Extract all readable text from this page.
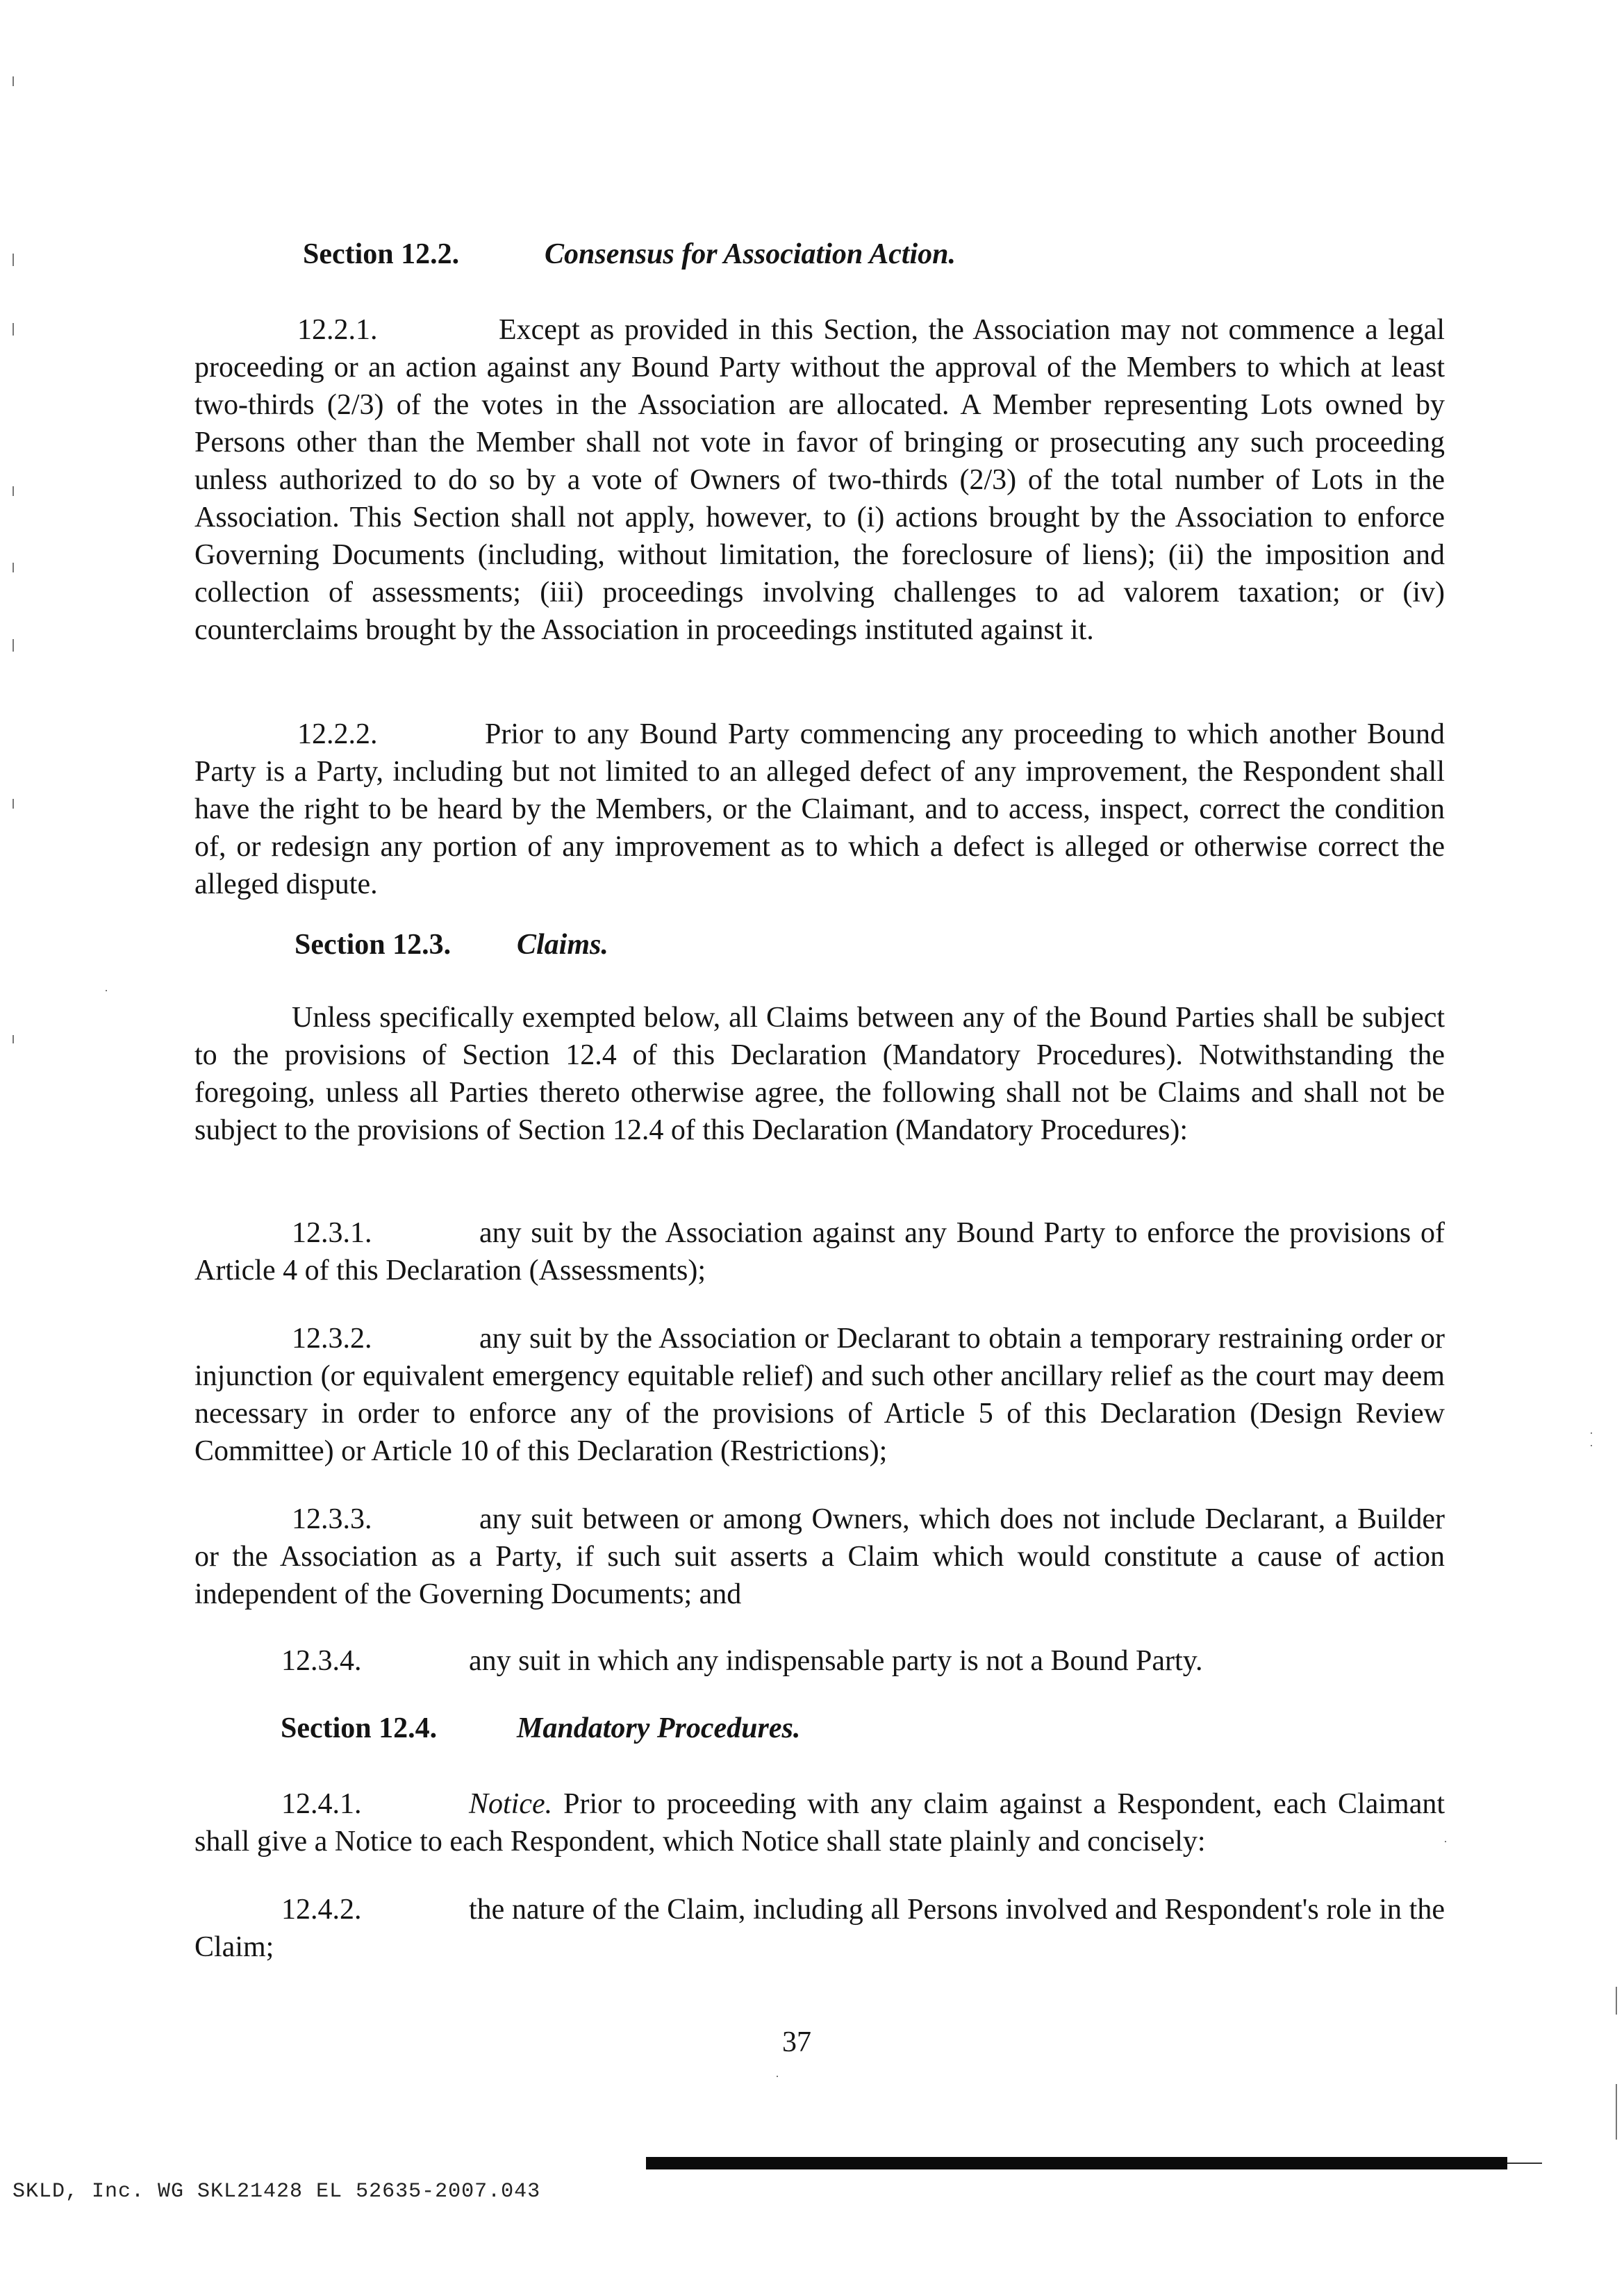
Section 12.2.	Consensus for Association Action.
12.2.1.	Except as provided in this Section, the Association may not commence a legal proceeding or an action against any Bound Party without the approval of the Members to which at least two-thirds (2/3) of the votes in the Association are allocated. A Member representing Lots owned by Persons other than the Member shall not vote in favor of bringing or prosecuting any such proceeding unless authorized to do so by a vote of Owners of two-thirds (2/3) of the total number of Lots in the Association. This Section shall not apply, however, to (i) actions brought by the Association to enforce Governing Documents (including, without limitation, the foreclosure of liens); (ii) the imposition and collection of assessments; (iii) proceedings involving challenges to ad valorem taxation; or (iv) counterclaims brought by the Association in proceedings instituted against it.
12.2.2.	Prior to any Bound Party commencing any proceeding to which another Bound Party is a Party, including but not limited to an alleged defect of any improvement, the Respondent shall have the right to be heard by the Members, or the Claimant, and to access, inspect, correct the condition of, or redesign any portion of any improvement as to which a defect is alleged or otherwise correct the alleged dispute.
Section 12.3. Claims.
Unless specifically exempted below, all Claims between any of the Bound Parties shall be subject to the provisions of Section 12.4 of this Declaration (Mandatory Procedures). Notwithstanding the foregoing, unless all Parties thereto otherwise agree, the following shall not be Claims and shall not be subject to the provisions of Section 12.4 of this Declaration (Mandatory Procedures):
12.3.1.	any suit by the Association against any Bound Party to enforce the provisions of Article 4 of this Declaration (Assessments);
12.3.2.	any suit by the Association or Declarant to obtain a temporary restraining order or injunction (or equivalent emergency equitable relief) and such other ancillary relief as the court may deem necessary in order to enforce any of the provisions of Article 5 of this Declaration (Design Review Committee) or Article 10 of this Declaration (Restrictions);
12.3.3.	any suit between or among Owners, which does not include Declarant, a Builder or the Association as a Party, if such suit asserts a Claim which would constitute a cause of action independent of the Governing Documents; and
12.3.4.	any suit in which any indispensable party is not a Bound Party.
Section 12.4.	Mandatory Procedures.
12.4.1.	Notice. Prior to proceeding with any claim against a Respondent, each Claimant shall give a Notice to each Respondent, which Notice shall state plainly and concisely:
12.4.2.	the nature of the Claim, including all Persons involved and Respondent's role in the Claim;
37
SKLD, Inc. WG SKL21428 EL 52635-2007.043
